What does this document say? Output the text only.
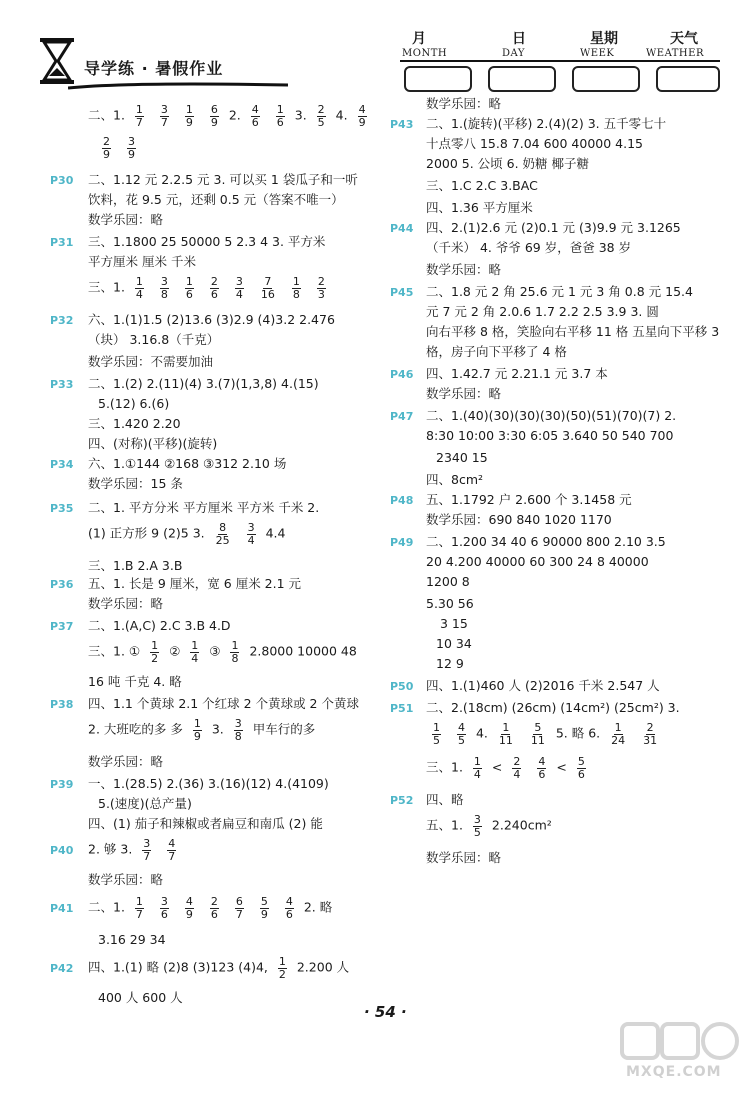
导学练 · 暑假作业
月	日	星期	天气
MONTH	DAY	WEEK	WEATHER
二、1. $\frac{1}{7}$
$\frac{3}{7}$
$\frac{1}{9}$
$\frac{6}{9} 2$. $\frac{4}{6}$
$\frac{1}{6} 3$. $\frac{2}{5} 4$. $\frac{4}{9}$
$\frac{2}{9}$
$\frac{3}{9}$
P30 二、1.12 元 2.2.5 元 3. 可以买 1 袋瓜子和一听
饮料，花 9.5 元，还剩 0.5 元（答案不唯一）
数学乐园：略
P31 三、1.1800 25 50000 5 2.3 4 3. 平方米
平方厘米 厘米 千米
三、1. $\frac{1}{4}$
$\frac{3}{8}$
$\frac{1}{6}$
$\frac{2}{6}$
$\frac{3}{4}$
$\frac{7}{16}$
$\frac{1}{8}$
$\frac{2}{3}$
P32 六、1.(1)1.5 (2)13.6 (3)2.9 (4)3.2 2.476
（块） 3.16.8（千克）
数学乐园：不需要加油
P33 二、1.(2) 2.(11)(4) 3.(7)(1,3,8) 4.(15)
5.(12) 6.(6)
三、1.420 2.20
四、(对称)(平移)(旋转)
P34 六、1.①144 ②168 ③312 2.10 场
数学乐园：15 条
P35 二、1. 平方分米 平方厘米 平方米 千米 2.
(1) 正方形 9 (2)5 3. $\frac{8}{25}$
$\frac{3}{4} 4.4$
三、1.B 2.A 3.B
P36 五、1. 长是 9 厘米，宽 6 厘米 2.1 元
数学乐园：略
P37 二、1.(A,C) 2.C 3.B 4.D
三、1. ① $\frac{1}{2}$ ② $\frac{1}{4}$ ③ $\frac{1}{8} 2.8000$ 10000 48
16 吨 千克 4. 略
P38 四、1.1 个黄球 2.1 个红球 2 个黄球或 2 个黄球
2. 大班吃的多 多 $\frac{1}{9} 3$. $\frac{3}{8}$ 甲车行的多
数学乐园：略
P39 一、1.(28.5) 2.(36) 3.(16)(12) 4.(4109)
5.(速度)(总产量)
四、(1) 茄子和辣椒或者扁豆和南瓜 (2) 能
P40 2. 够 3. $\frac{3}{7}$
$\frac{4}{7}$
数学乐园：略
P41 二、1. $\frac{1}{7}$
$\frac{3}{6}$
$\frac{4}{9}$
$\frac{2}{6}$
$\frac{6}{7}$
$\frac{5}{9}$
$\frac{4}{6} 2$. 略
3.16 29 34
P42 四、1.(1) 略 (2)8 (3)123 (4)4, $\frac{1}{2} 2.200$ 人
400 人 600 人
数学乐园：略
P43 二、1.(旋转)(平移) 2.(4)(2) 3. 五千零七十
十点零八 15.8 7.04 600 40000 4.15
2000 5. 公顷 6. 奶糖 椰子糖
三、1.C 2.C 3.BAC
P44
四、1.36 平方厘米
四、2.(1)2.6 元 (2)0.1 元 (3)9.9 元 3.1265
（千米） 4. 爷爷 69 岁，爸爸 38 岁
数学乐园：略
P45 二、1.8 元 2 角 25.6 元 1 元 3 角 0.8 元 15.4
元 7 元 2 角 2.0.6 1.7 2.2 2.5 3.9 3. 圆
向右平移 8 格，笑脸向右平移 11 格 五星向下平移 3
格，房子向下平移了 4 格
P46 四、1.42.7 元 2.21.1 元 3.7 本
数学乐园：略
P47 二、1.(40)(30)(30)(30)(50)(51)(70)(7) 2.
8:30 10:00 3:30 6:05 3.640 50 540 700
2340 15
四、8cm²
P48 五、1.1792 户 2.600 个 3.1458 元
数学乐园：690 840 1020 1170
P49 二、1.200 34 40 6 90000 800 2.10 3.5
20 4.200 40000 60 300 24 8 40000
1200 8
5.30 56
3 15
10 34
12 9
P50 四、1.(1)460 人 (2)2016 千米 2.547 人
P51 二、2.(18cm) (26cm) (14cm²) (25cm²) 3.
$\frac{1}{5}$
$\frac{4}{5} 4$. $\frac{1}{11}$
$\frac{5}{11} 5$. 略 6. $\frac{1}{24}$
$\frac{2}{31}$
三、1. $\frac{1}{4} < \frac{2}{4}$
$\frac{4}{6} < \frac{5}{6}$
P52 四、略
五、1. $\frac{3}{5} 2.240cm^2$
数学乐园：略
· 54 ·
MXQE.COM
